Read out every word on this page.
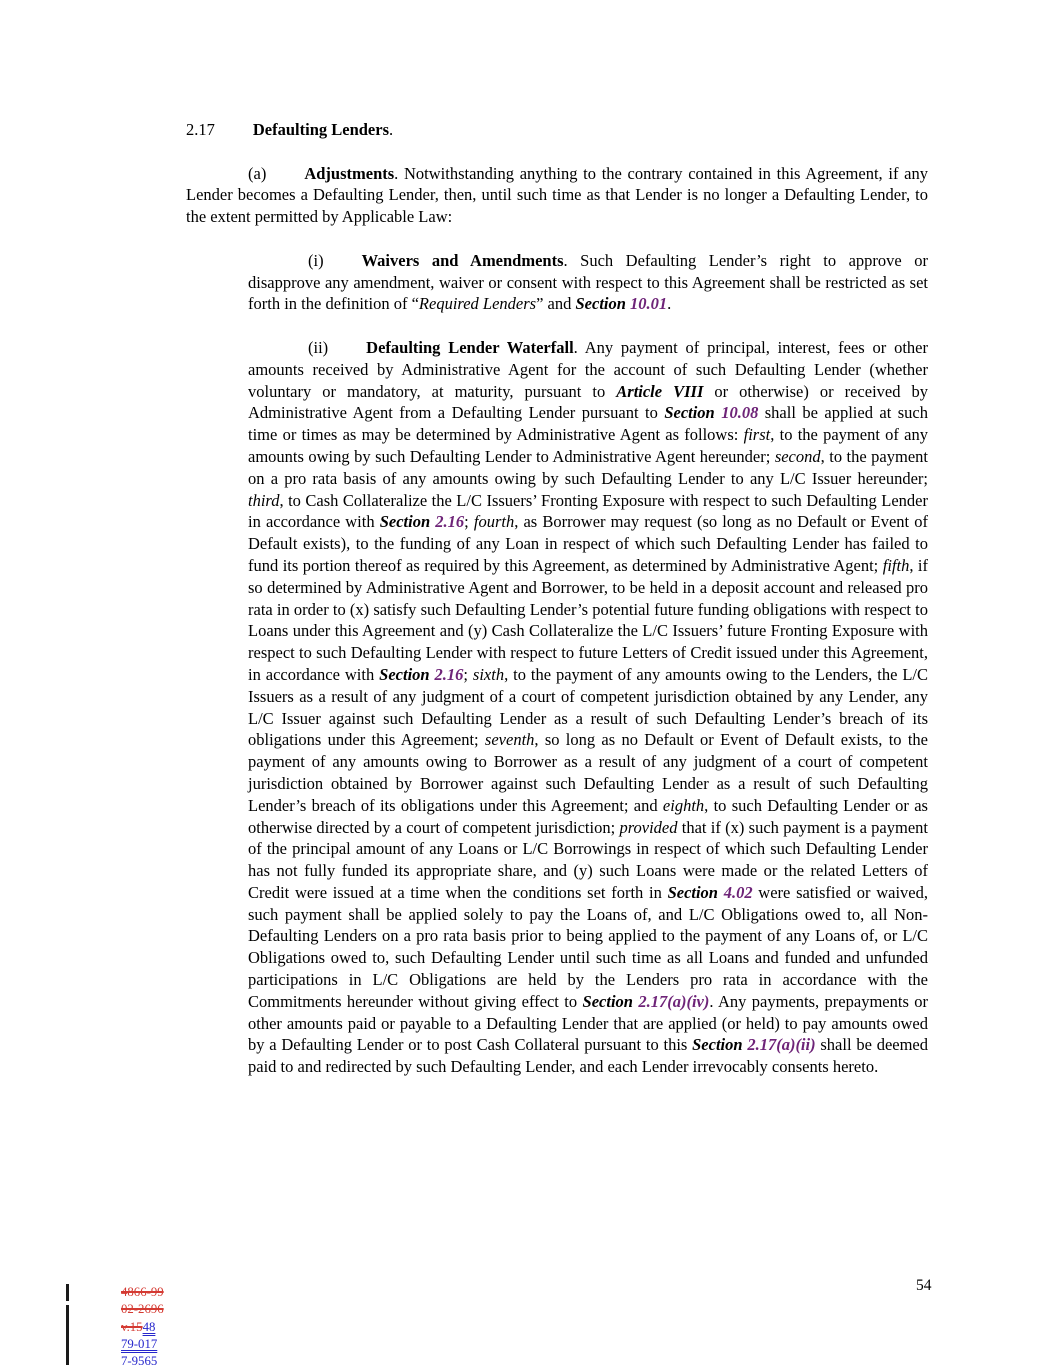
2.17 Defaulting Lenders.

(a) Adjustments. Notwithstanding anything to the contrary contained in this Agreement, if any Lender becomes a Defaulting Lender, then, until such time as that Lender is no longer a Defaulting Lender, to the extent permitted by Applicable Law:

(i) Waivers and Amendments. Such Defaulting Lender’s right to approve or disapprove any amendment, waiver or consent with respect to this Agreement shall be restricted as set forth in the definition of “Required Lenders” and Section 10.01.

(ii) Defaulting Lender Waterfall. Any payment of principal, interest, fees or other amounts received by Administrative Agent for the account of such Defaulting Lender (whether voluntary or mandatory, at maturity, pursuant to Article VIII or otherwise) or received by Administrative Agent from a Defaulting Lender pursuant to Section 10.08 shall be applied at such time or times as may be determined by Administrative Agent as follows: first, to the payment of any amounts owing by such Defaulting Lender to Administrative Agent hereunder; second, to the payment on a pro rata basis of any amounts owing by such Defaulting Lender to any L/C Issuer hereunder; third, to Cash Collateralize the L/C Issuers’ Fronting Exposure with respect to such Defaulting Lender in accordance with Section 2.16; fourth, as Borrower may request (so long as no Default or Event of Default exists), to the funding of any Loan in respect of which such Defaulting Lender has failed to fund its portion thereof as required by this Agreement, as determined by Administrative Agent; fifth, if so determined by Administrative Agent and Borrower, to be held in a deposit account and released pro rata in order to (x) satisfy such Defaulting Lender’s potential future funding obligations with respect to Loans under this Agreement and (y) Cash Collateralize the L/C Issuers’ future Fronting Exposure with respect to such Defaulting Lender with respect to future Letters of Credit issued under this Agreement, in accordance with Section 2.16; sixth, to the payment of any amounts owing to the Lenders, the L/C Issuers as a result of any judgment of a court of competent jurisdiction obtained by any Lender, any L/C Issuer against such Defaulting Lender as a result of such Defaulting Lender’s breach of its obligations under this Agreement; seventh, so long as no Default or Event of Default exists, to the payment of any amounts owing to Borrower as a result of any judgment of a court of competent jurisdiction obtained by Borrower against such Defaulting Lender as a result of such Defaulting Lender’s breach of its obligations under this Agreement; and eighth, to such Defaulting Lender or as otherwise directed by a court of competent jurisdiction; provided that if (x) such payment is a payment of the principal amount of any Loans or L/C Borrowings in respect of which such Defaulting Lender has not fully funded its appropriate share, and (y) such Loans were made or the related Letters of Credit were issued at a time when the conditions set forth in Section 4.02 were satisfied or waived, such payment shall be applied solely to pay the Loans of, and L/C Obligations owed to, all Non-Defaulting Lenders on a pro rata basis prior to being applied to the payment of any Loans of, or L/C Obligations owed to, such Defaulting Lender until such time as all Loans and funded and unfunded participations in L/C Obligations are held by the Lenders pro rata in accordance with the Commitments hereunder without giving effect to Section 2.17(a)(iv). Any payments, prepayments or other amounts paid or payable to a Defaulting Lender that are applied (or held) to pay amounts owed by a Defaulting Lender or to post Cash Collateral pursuant to this Section 2.17(a)(ii) shall be deemed paid to and redirected by such Defaulting Lender, and each Lender irrevocably consents hereto.

4866-99
02-2696
v.1548
79-017
7-9565
54
